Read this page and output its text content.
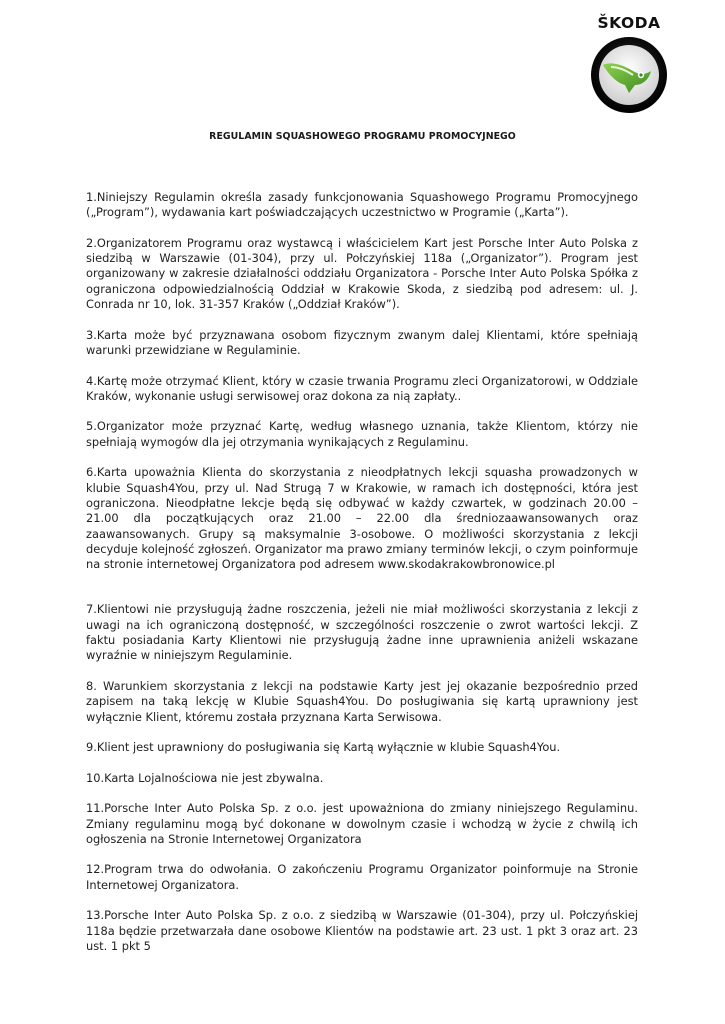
ŠKODA
REGULAMIN SQUASHOWEGO PROGRAMU PROMOCYJNEGO

1.Niniejszy Regulamin określa zasady funkcjonowania Squashowego Programu Promocyjnego („Program”), wydawania kart poświadczających uczestnictwo w Programie („Karta”).

2.Organizatorem Programu oraz wystawcą i właścicielem Kart jest Porsche Inter Auto Polska z siedzibą w Warszawie (01-304), przy ul. Połczyńskiej 118a („Organizator”). Program jest organizowany w zakresie działalności oddziału Organizatora - Porsche Inter Auto Polska Spółka z ograniczona odpowiedzialnością Oddział w Krakowie Skoda, z siedzibą pod adresem: ul. J. Conrada nr 10, lok. 31-357 Kraków („Oddział Kraków”).

3.Karta może być przyznawana osobom fizycznym zwanym dalej Klientami, które spełniają warunki przewidziane w Regulaminie.

4.Kartę może otrzymać Klient, który w czasie trwania Programu zleci Organizatorowi, w Oddziale Kraków, wykonanie usługi serwisowej oraz dokona za nią zapłaty..

5.Organizator może przyznać Kartę, według własnego uznania, także Klientom, którzy nie spełniają wymogów dla jej otrzymania wynikających z Regulaminu.

6.Karta upoważnia Klienta do skorzystania z nieodpłatnych lekcji squasha prowadzonych w klubie Squash4You, przy ul. Nad Strugą 7 w Krakowie, w ramach ich dostępności, która jest ograniczona. Nieodpłatne lekcje będą się odbywać w każdy czwartek, w godzinach 20.00 – 21.00 dla początkujących oraz 21.00 – 22.00 dla średniozaawansowanych oraz zaawansowanych. Grupy są maksymalnie 3-osobowe. O możliwości skorzystania z lekcji decyduje kolejność zgłoszeń. Organizator ma prawo zmiany terminów lekcji, o czym poinformuje na stronie internetowej Organizatora pod adresem www.skodakrakowbronowice.pl

7.Klientowi nie przysługują żadne roszczenia, jeżeli nie miał możliwości skorzystania z lekcji z uwagi na ich ograniczoną dostępność, w szczególności roszczenie o zwrot wartości lekcji. Z faktu posiadania Karty Klientowi nie przysługują żadne inne uprawnienia aniżeli wskazane wyraźnie w niniejszym Regulaminie.

8. Warunkiem skorzystania z lekcji na podstawie Karty jest jej okazanie bezpośrednio przed zapisem na taką lekcję w Klubie Squash4You. Do posługiwania się kartą uprawniony jest wyłącznie Klient, któremu została przyznana Karta Serwisowa.

9.Klient jest uprawniony do posługiwania się Kartą wyłącznie w klubie Squash4You.

10.Karta Lojalnościowa nie jest zbywalna.

11.Porsche Inter Auto Polska Sp. z o.o. jest upoważniona do zmiany niniejszego Regulaminu. Zmiany regulaminu mogą być dokonane w dowolnym czasie i wchodzą w życie z chwilą ich ogłoszenia na Stronie Internetowej Organizatora

12.Program trwa do odwołania. O zakończeniu Programu Organizator poinformuje na Stronie Internetowej Organizatora.

13.Porsche Inter Auto Polska Sp. z o.o. z siedzibą w Warszawie (01-304), przy ul. Połczyńskiej 118a będzie przetwarzała dane osobowe Klientów na podstawie art. 23 ust. 1 pkt 3 oraz art. 23 ust. 1 pkt 5
